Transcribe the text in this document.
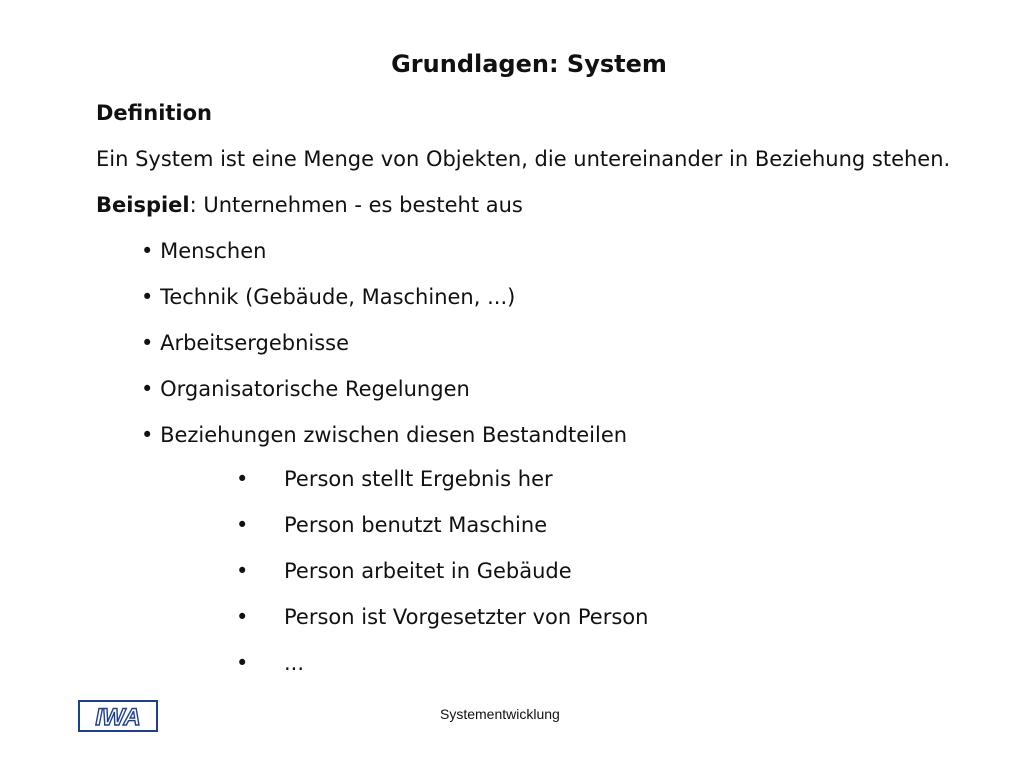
Grundlagen: System

Definition

Ein System ist eine Menge von Objekten, die untereinander in Beziehung stehen.

Beispiel: Unternehmen - es besteht aus

• Menschen
• Technik (Gebäude, Maschinen, ...)
• Arbeitsergebnisse
• Organisatorische Regelungen
• Beziehungen zwischen diesen Bestandteilen
• Person stellt Ergebnis her
• Person benutzt Maschine
• Person arbeitet in Gebäude
• Person ist Vorgesetzter von Person
• ...
IWA	Systementwicklung
